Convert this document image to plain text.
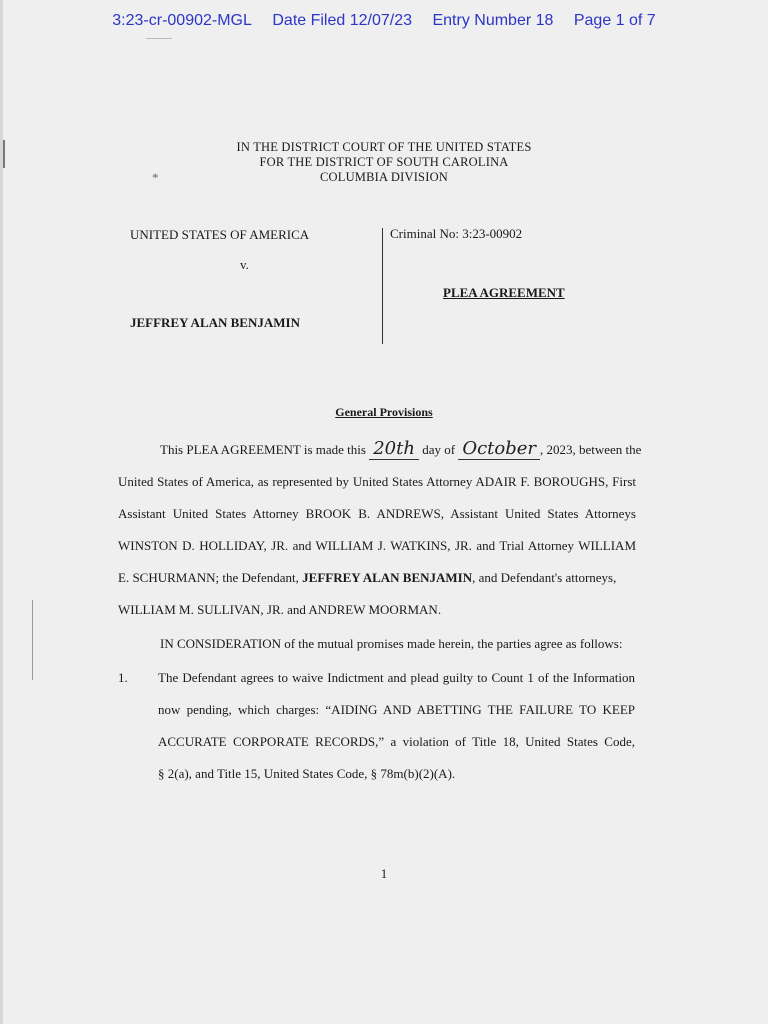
*
3:23-cr-00902-MGL Date Filed 12/07/23 Entry Number 18 Page 1 of 7
IN THE DISTRICT COURT OF THE UNITED STATES
FOR THE DISTRICT OF SOUTH CAROLINA
COLUMBIA DIVISION
UNITED STATES OF AMERICA
v.
JEFFREY ALAN BENJAMIN
Criminal No: 3:23-00902
PLEA AGREEMENT
General Provisions
This PLEA AGREEMENT is made this 20th day of October , 2023, between the
United States of America, as represented by United States Attorney ADAIR F. BOROUGHS, First
Assistant United States Attorney BROOK B. ANDREWS, Assistant United States Attorneys
WINSTON D. HOLLIDAY, JR. and WILLIAM J. WATKINS, JR. and Trial Attorney WILLIAM
E. SCHURMANN; the Defendant, JEFFREY ALAN BENJAMIN, and Defendant's attorneys,
WILLIAM M. SULLIVAN, JR. and ANDREW MOORMAN.
IN CONSIDERATION of the mutual promises made herein, the parties agree as follows:
1. The Defendant agrees to waive Indictment and plead guilty to Count 1 of the Information
now pending, which charges: “AIDING AND ABETTING THE FAILURE TO KEEP
ACCURATE CORPORATE RECORDS,” a violation of Title 18, United States Code,
§ 2(a), and Title 15, United States Code, § 78m(b)(2)(A).
1
